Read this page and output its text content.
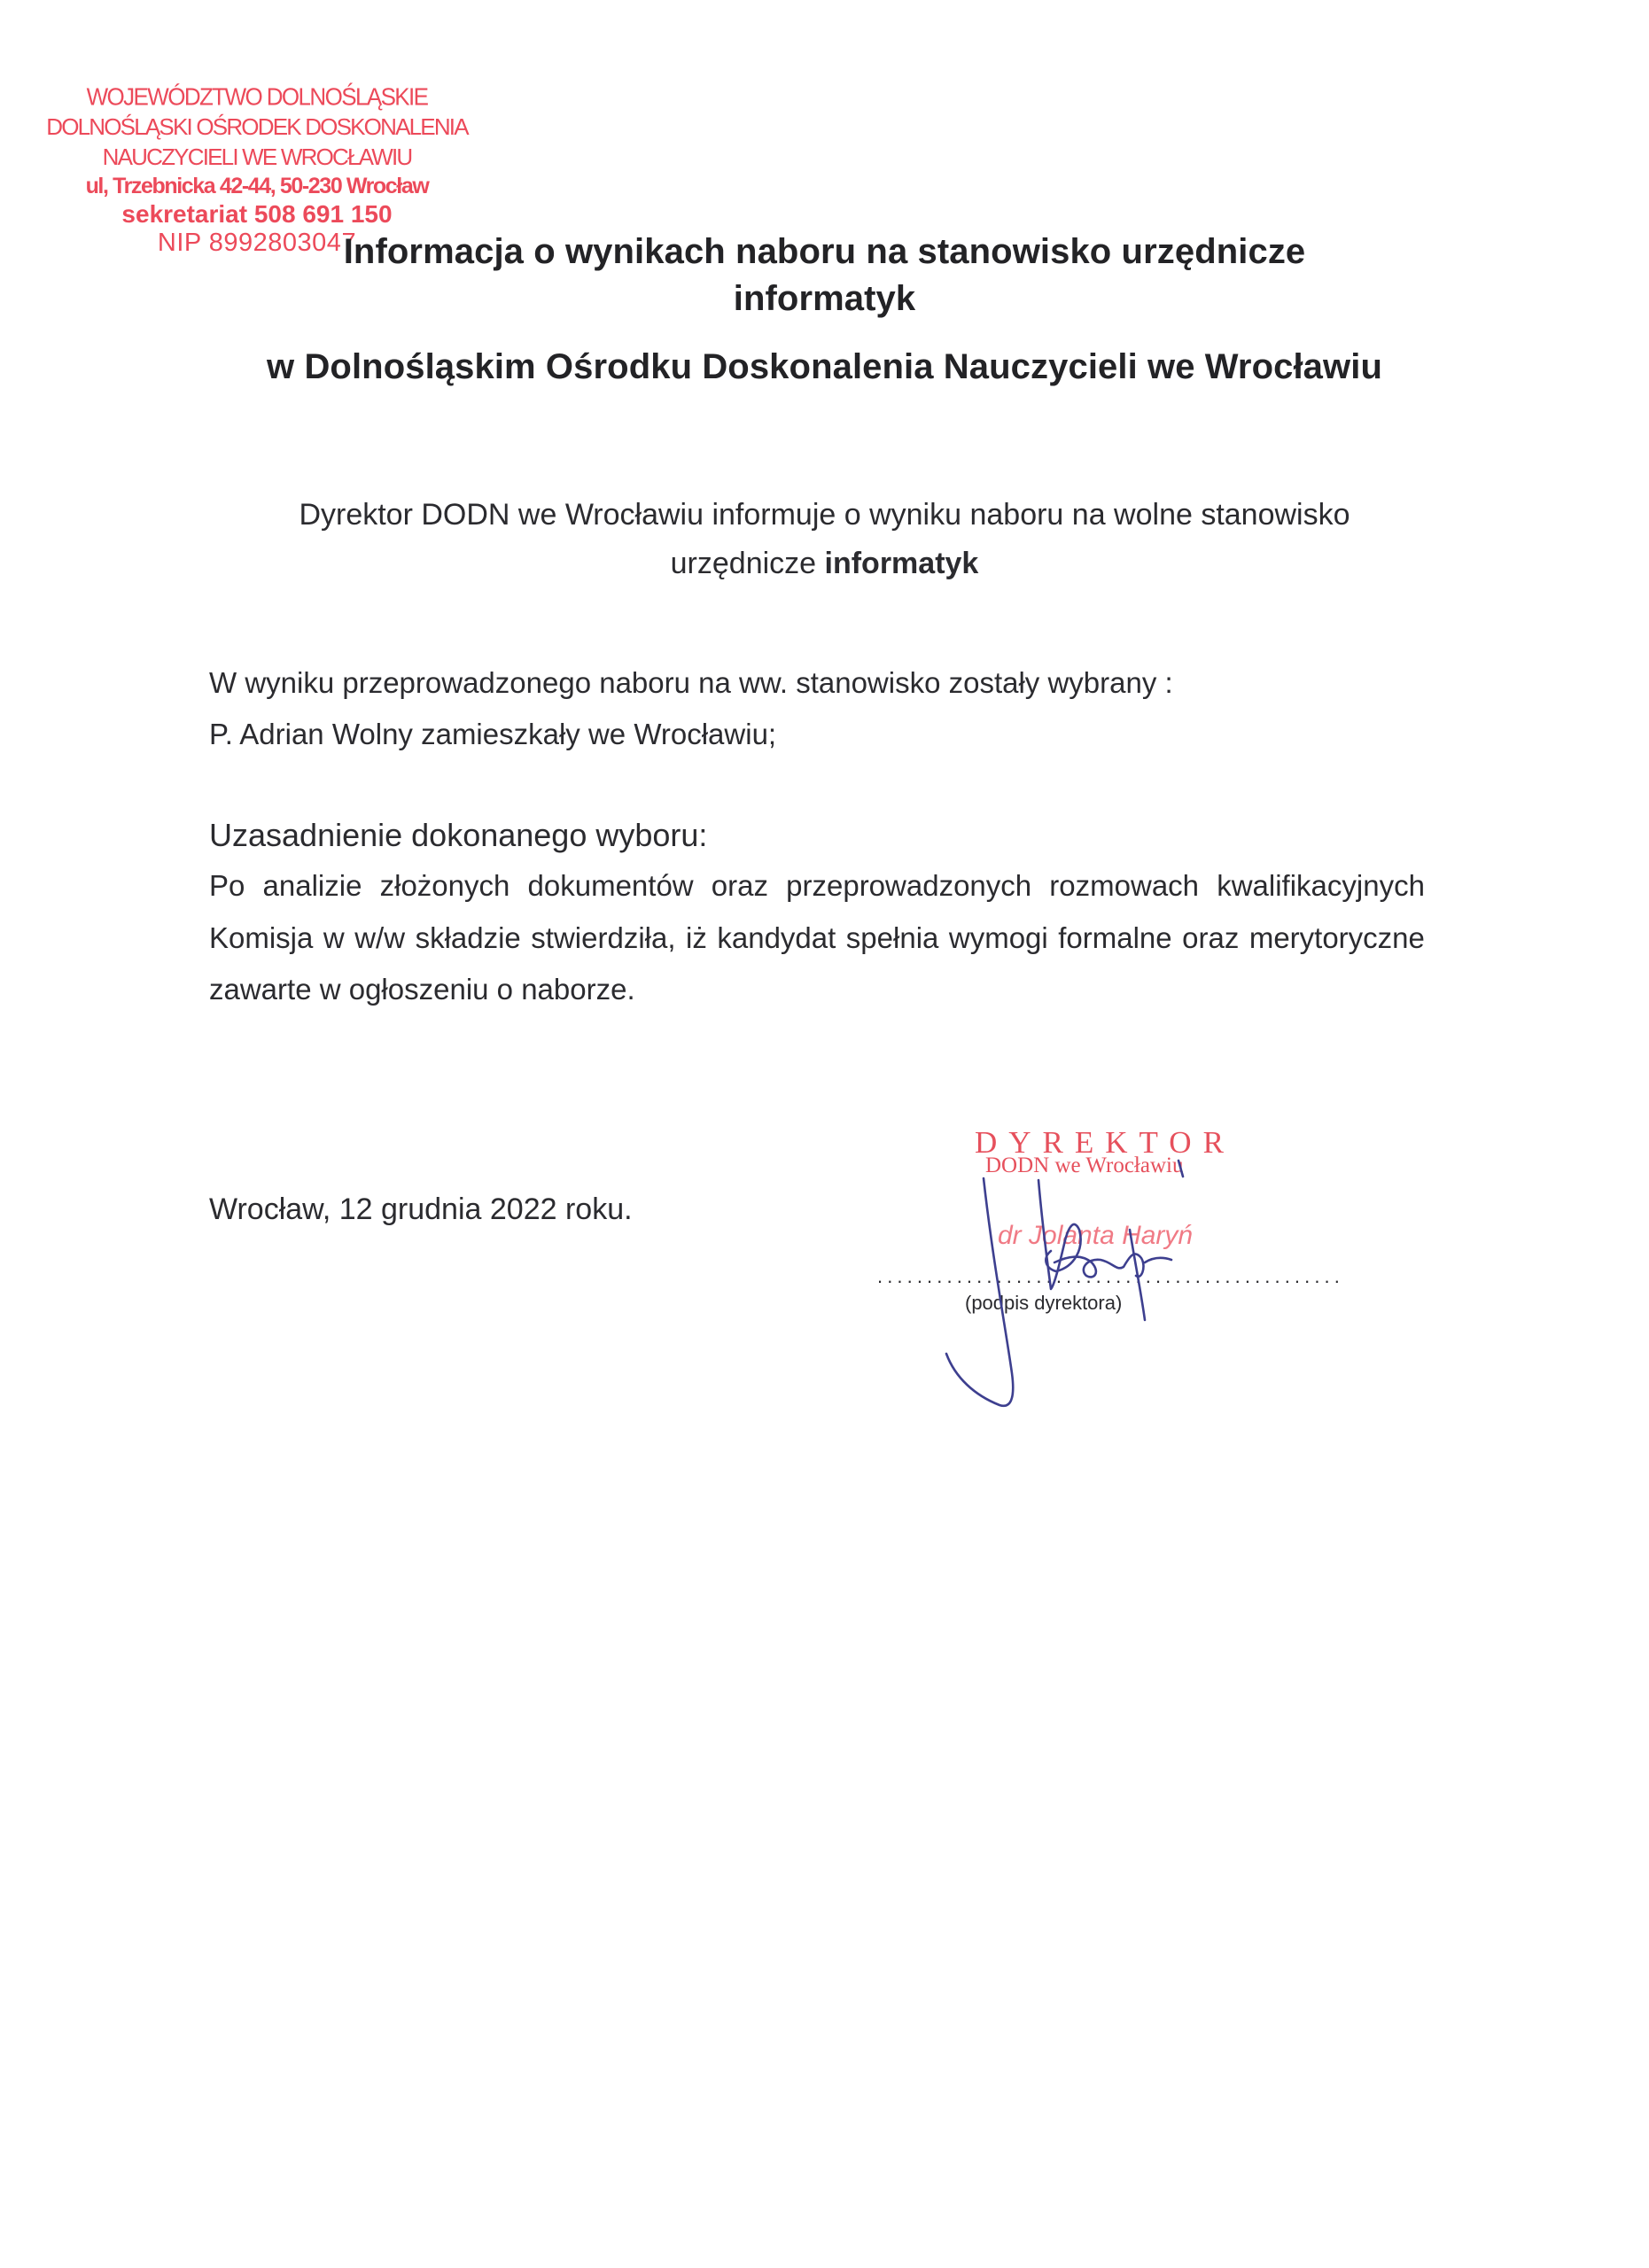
WOJEWÓDZTWO DOLNOŚLĄSKIE
DOLNOŚLĄSKI OŚRODEK DOSKONALENIA
NAUCZYCIELI WE WROCŁAWIU
ul, Trzebnicka 42-44, 50-230 Wrocław
sekretariat 508 691 150
NIP 8992803047
Informacja o wynikach naboru na stanowisko urzędnicze
informatyk
w Dolnośląskim Ośrodku Doskonalenia Nauczycieli we Wrocławiu
Dyrektor DODN we Wrocławiu informuje o wyniku naboru na wolne stanowisko
urzędnicze informatyk
W wyniku przeprowadzonego naboru na ww. stanowisko zostały wybrany :
P. Adrian Wolny zamieszkały we Wrocławiu;
Uzasadnienie dokonanego wyboru:
Po analizie złożonych dokumentów oraz przeprowadzonych rozmowach kwalifikacyjnych
Komisja w w/w składzie stwierdziła, iż kandydat spełnia wymogi formalne oraz merytoryczne
zawarte w ogłoszeniu o naborze.
Wrocław, 12 grudnia 2022 roku.
DYREKTOR
DODN we Wrocławiu
dr Jolanta Haryń
...............................................
(podpis dyrektora)
